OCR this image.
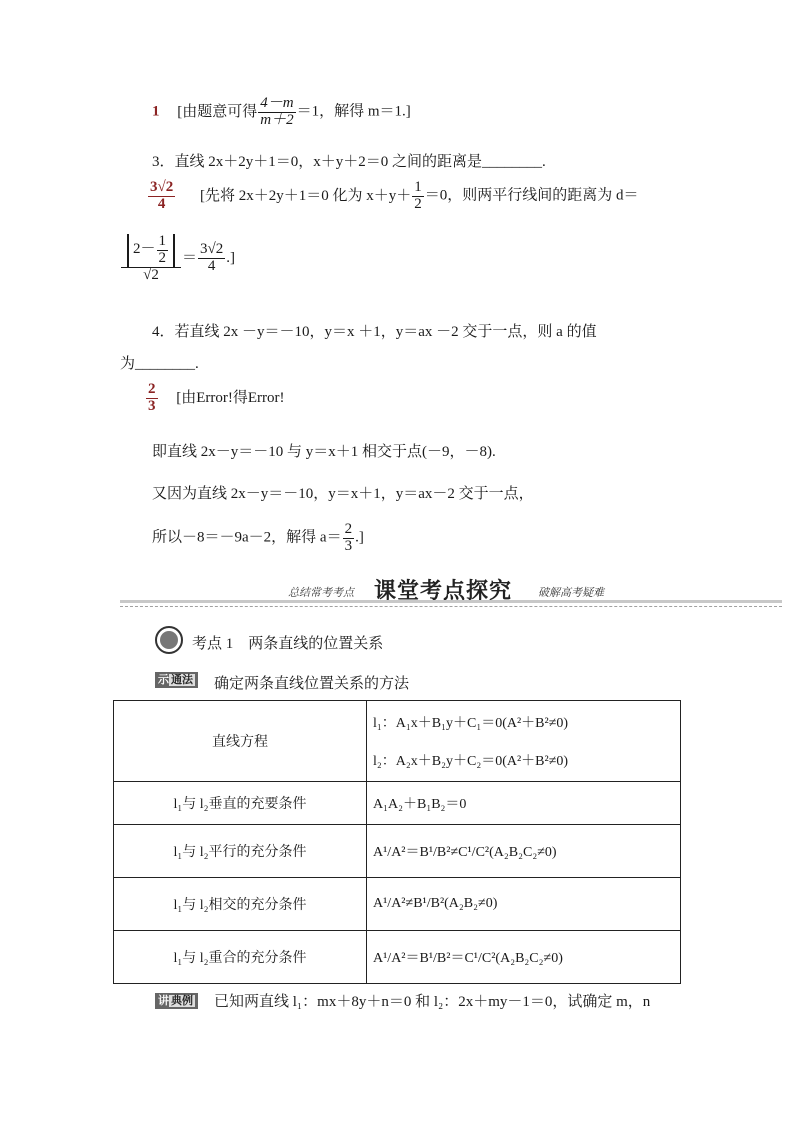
1 [由题意可得 $\frac{4-m}{m+2} =1$，解得 m＝1.]
3．直线 2x＋2y＋1＝0，x＋y＋2＝0 之间的距离是________.
$\frac{3√2}{4}$ [先将 2x＋2y＋1＝0 化为 $x+y+ \frac{1}{2} =0$，则两平行线间的距离为 d＝
$\frac{2- \frac{1}{2}}{√2} = \frac{3√2}{4}$ .]
4．若直线 2x －y＝－10，y＝x ＋1，y＝ax －2 交于一点，则 a 的值
为________.
$\frac{2}{3}$ [由Error!得Error!
即直线 2x－y＝－10 与 y＝x＋1 相交于点(－9，－8).
又因为直线 2x－y＝－10，y＝x＋1，y＝ax－2 交于一点，
所以－8＝－9a－2，解得 $a= \frac{2}{3}$ .]
总结常考考点 课堂考点探究 破解高考疑难
考点 1　两条直线的位置关系
示 通法	确定两条直线位置关系的方法
直线方程	l₁：A₁x＋B₁y＋C₁＝0(A²＋B²≠0)
l₂：A₂x＋B₂y＋C₂＝0(A²＋B²≠0)

l₁与 l₂垂直的充要条件	A₁A₂＋B₁B₂＝0
l₁与 l₂平行的充分条件	A¹/A²＝B¹/B²≠C¹/C²(A₂B₂C₂≠0)
l₁与 l₂相交的充分条件	A¹/A²≠B¹/B²(A₂B₂≠0)
l₁与 l₂重合的充分条件	A¹/A²＝B¹/B²＝C¹/C²(A₂B₂C₂≠0)
讲 典例	已知两直线 l₁：mx＋8y＋n＝0 和 l₂：2x＋my－1＝0，试确定 m，n
